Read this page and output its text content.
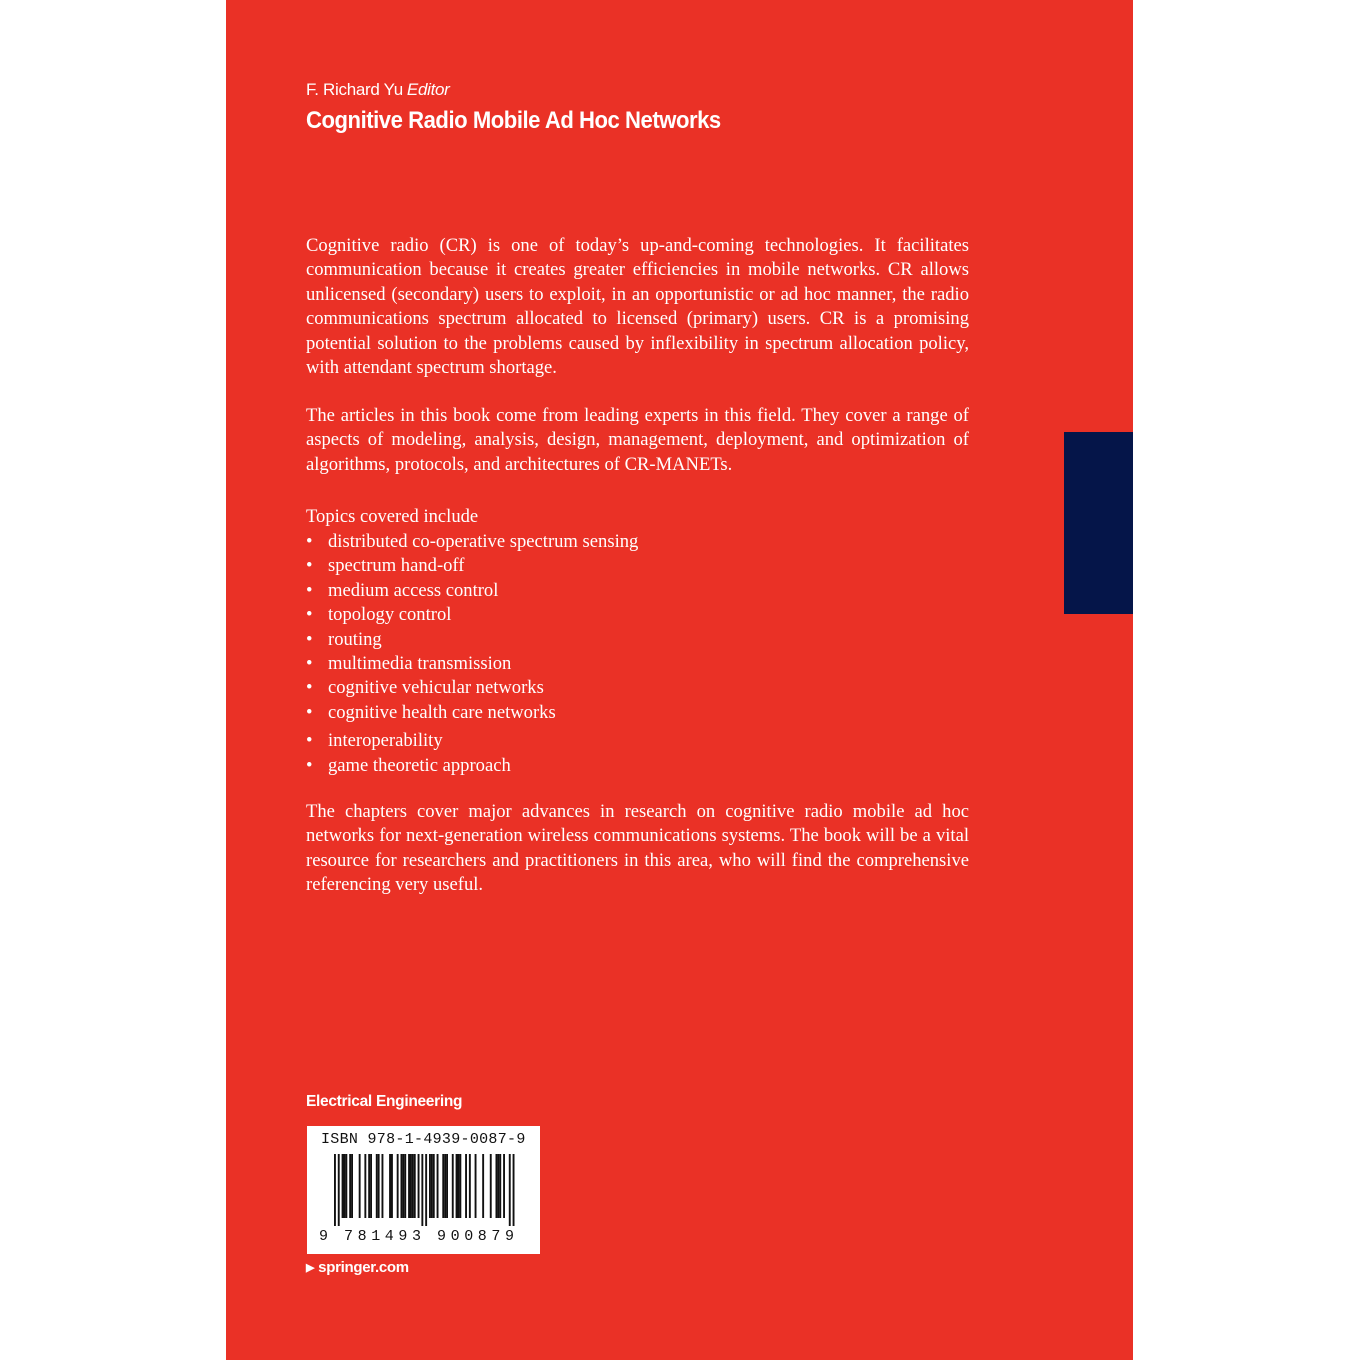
F. Richard Yu Editor
Cognitive Radio Mobile Ad Hoc Networks

Cognitive radio (CR) is one of today’s up-and-coming technologies. It facilitates communication because it creates greater efficiencies in mobile networks. CR allows unlicensed (secondary) users to exploit, in an opportunistic or ad hoc manner, the radio communications spectrum allocated to licensed (primary) users. CR is a promising potential solution to the problems caused by inflexibility in spectrum allocation policy, with attendant spectrum shortage.

The articles in this book come from leading experts in this field. They cover a range of aspects of modeling, analysis, design, management, deployment, and optimization of algorithms, protocols, and architectures of CR-MANETs.

Topics covered include
• distributed co-operative spectrum sensing
• spectrum hand-off
• medium access control
• topology control
• routing
• multimedia transmission
• cognitive vehicular networks
• cognitive health care networks
• interoperability
• game theoretic approach

The chapters cover major advances in research on cognitive radio mobile ad hoc networks for next-generation wireless communications systems. The book will be a vital resource for researchers and practitioners in this area, who will find the comprehensive referencing very useful.

Electrical Engineering
ISBN 978-1-4939-0087-9
9 781493 900879
▶ springer.com
